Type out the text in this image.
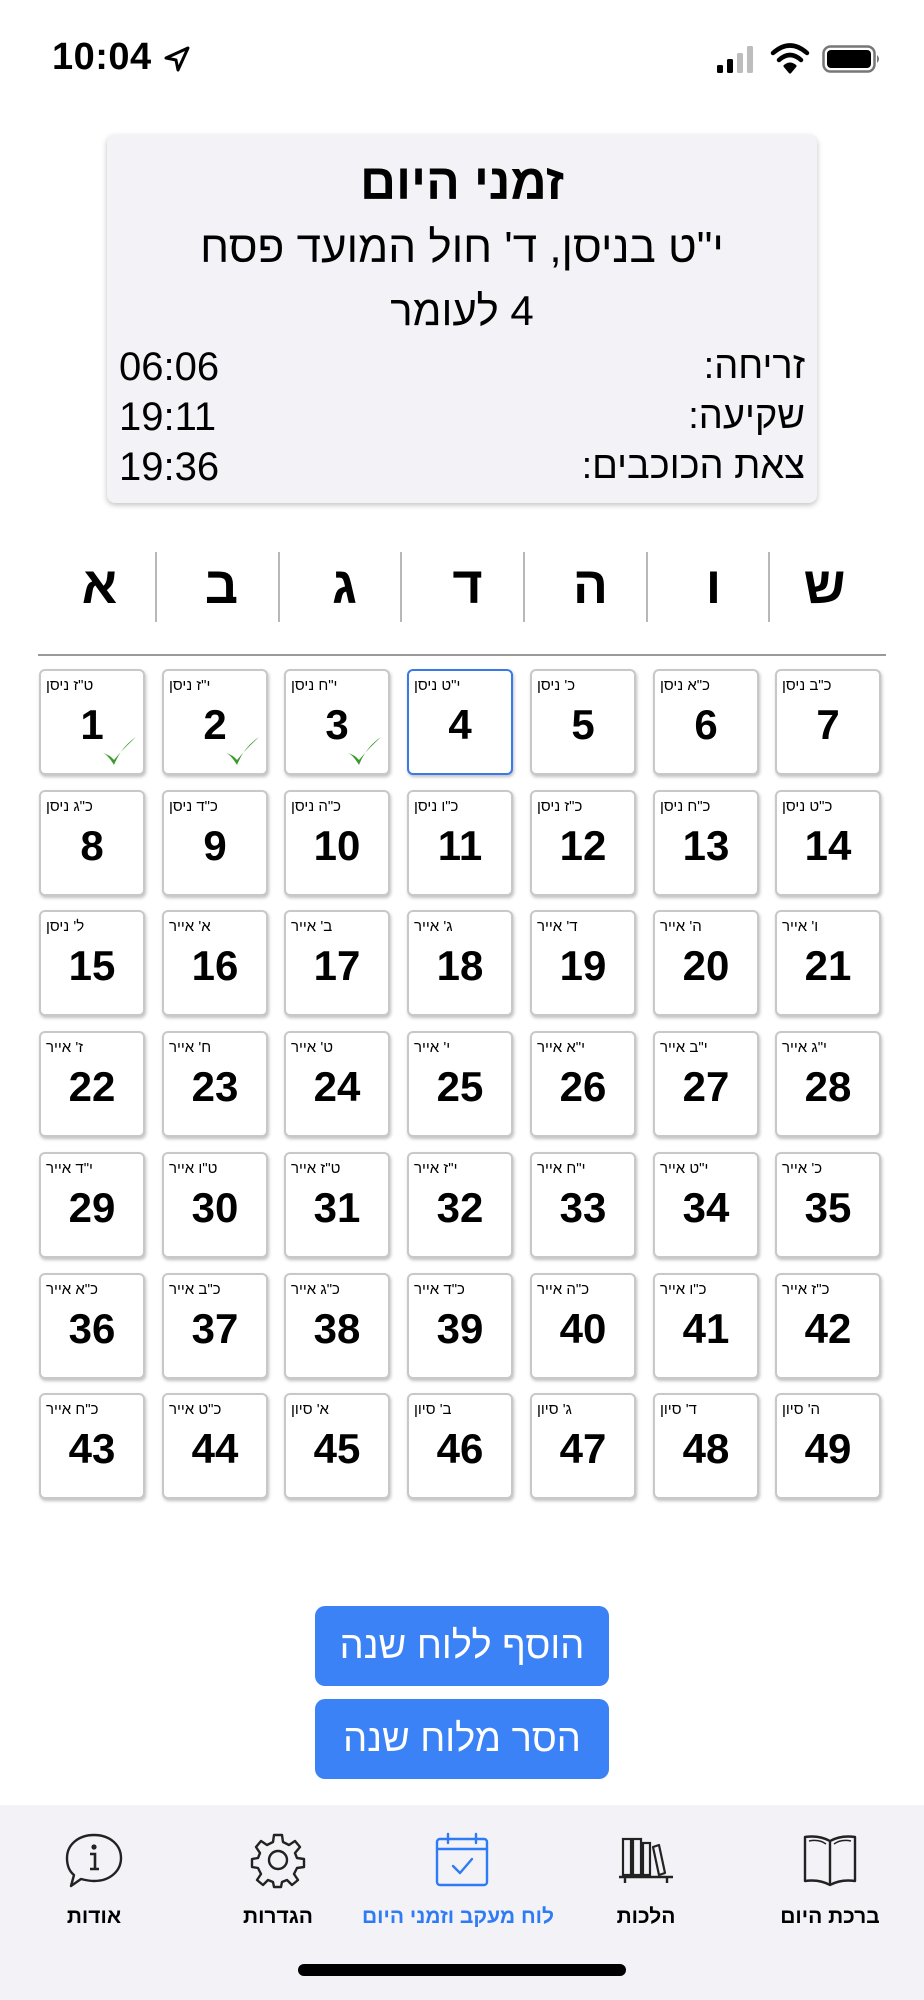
10:04
זמני היום
י"ט בניסן, ד' חול המועד פסח
4 לעומר
זריחה:
06:06
שקיעה:
19:11
צאת הכוכבים:
19:36
א	ב	ג	ד	ה	ו	ש
ט"ז ניסן
1
י"ז ניסן
2
י"ח ניסן
3
י"ט ניסן
4
כ' ניסן
5
כ"א ניסן
6
כ"ב ניסן
7
כ"ג ניסן
8
כ"ד ניסן
9
כ"ה ניסן
10
כ"ו ניסן
11
כ"ז ניסן
12
כ"ח ניסן
13
כ"ט ניסן
14
ל' ניסן
15
א' אייר
16
ב' אייר
17
ג' אייר
18
ד' אייר
19
ה' אייר
20
ו' אייר
21
ז' אייר
22
ח' אייר
23
ט' אייר
24
י' אייר
25
י"א אייר
26
י"ב אייר
27
י"ג אייר
28
י"ד אייר
29
ט"ו אייר
30
ט"ז אייר
31
י"ז אייר
32
י"ח אייר
33
י"ט אייר
34
כ' אייר
35
כ"א אייר
36
כ"ב אייר
37
כ"ג אייר
38
כ"ד אייר
39
כ"ה אייר
40
כ"ו אייר
41
כ"ז אייר
42
כ"ח אייר
43
כ"ט אייר
44
א' סיון
45
ב' סיון
46
ג' סיון
47
ד' סיון
48
ה' סיון
49
הוסף ללוח שנה
הסר מלוח שנה
ברכת היום
הלכות
לוח מעקב וזמני היום
הגדרות
אודות
